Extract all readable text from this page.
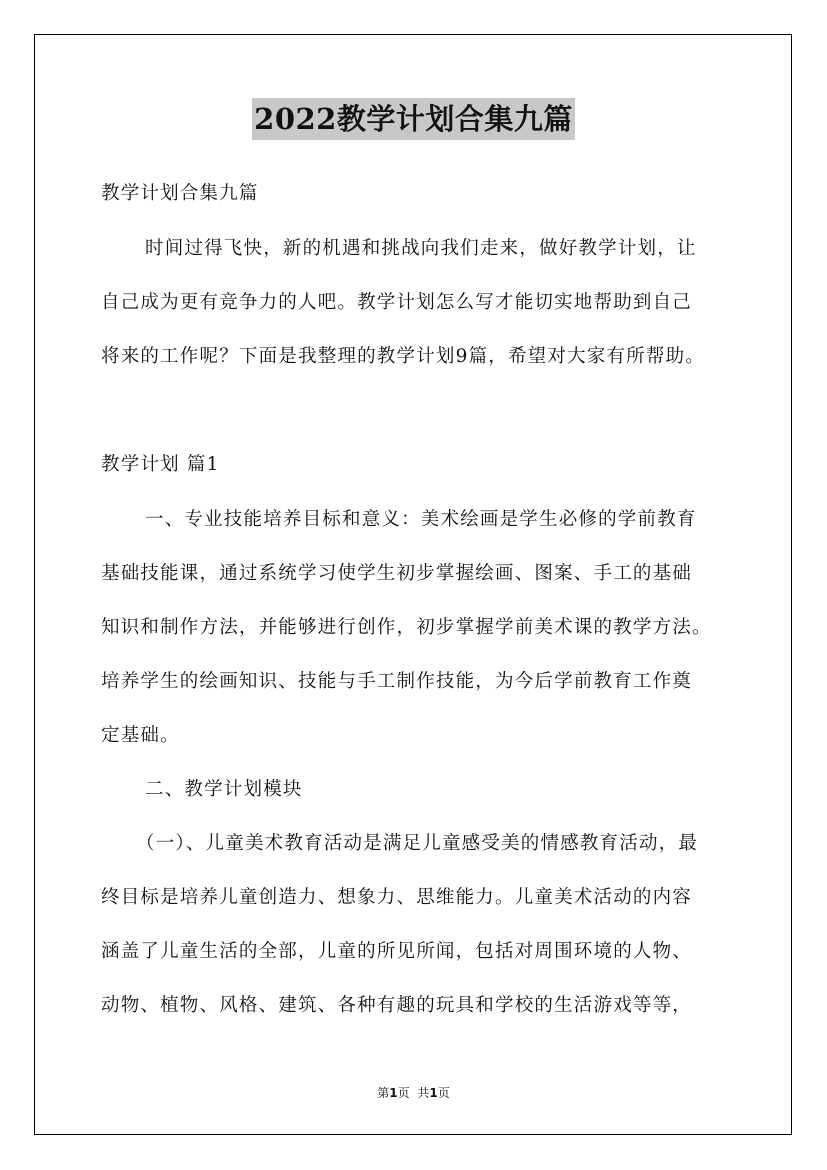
2022教学计划合集九篇
教学计划合集九篇
时间过得飞快，新的机遇和挑战向我们走来，做好教学计划，让
自己成为更有竞争力的人吧。教学计划怎么写才能切实地帮助到自己
将来的工作呢？下面是我整理的教学计划9篇，希望对大家有所帮助。
教学计划 篇1
一、专业技能培养目标和意义：美术绘画是学生必修的学前教育
基础技能课，通过系统学习使学生初步掌握绘画、图案、手工的基础
知识和制作方法，并能够进行创作，初步掌握学前美术课的教学方法。
培养学生的绘画知识、技能与手工制作技能，为今后学前教育工作奠
定基础。
二、教学计划模块
（一）、儿童美术教育活动是满足儿童感受美的情感教育活动，最
终目标是培养儿童创造力、想象力、思维能力。儿童美术活动的内容
涵盖了儿童生活的全部，儿童的所见所闻，包括对周围环境的人物、
动物、植物、风格、建筑、各种有趣的玩具和学校的生活游戏等等，
第1页 共1页
